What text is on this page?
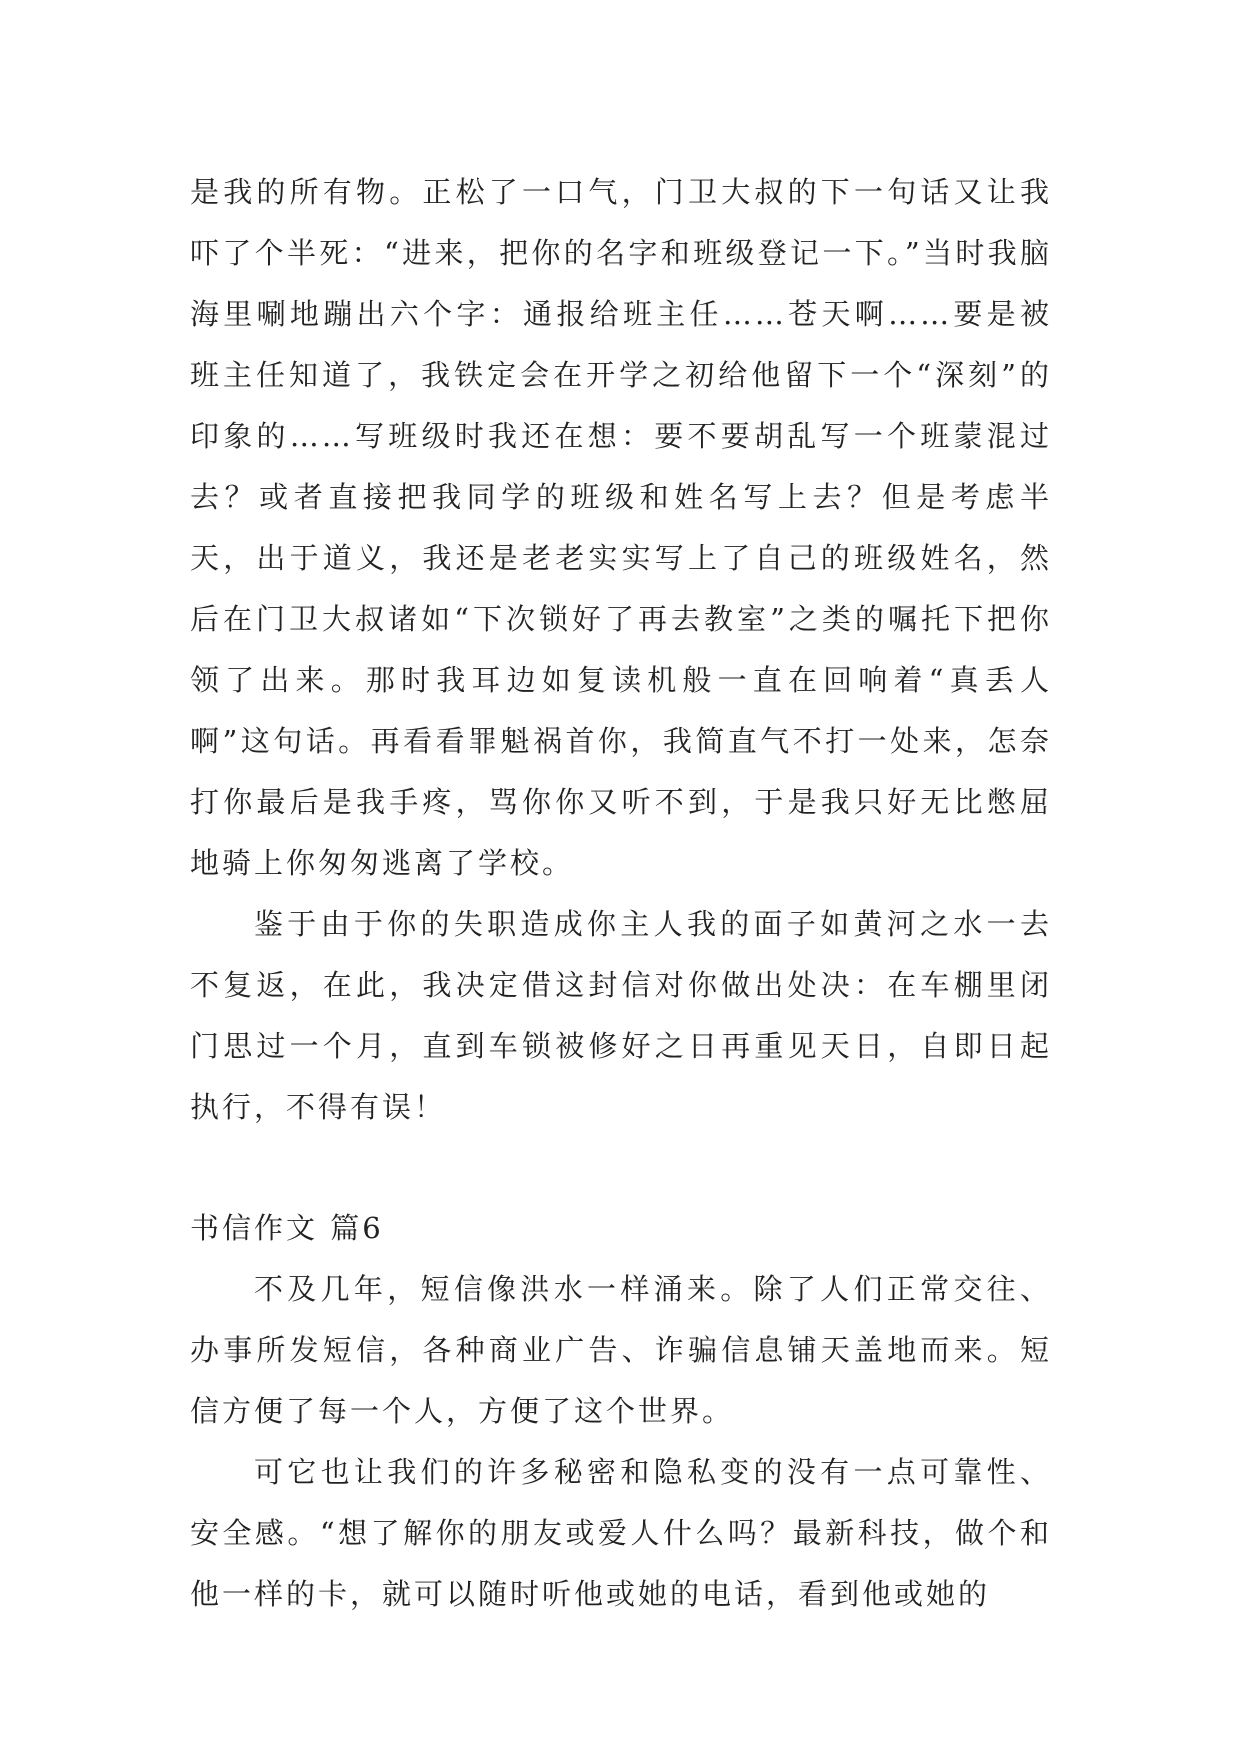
是我的所有物。正松了一口气，门卫大叔的下一句话又让我吓了个半死：“进来，把你的名字和班级登记一下。”当时我脑海里唰地蹦出六个字：通报给班主任……苍天啊……要是被班主任知道了，我铁定会在开学之初给他留下一个“深刻”的印象的……写班级时我还在想：要不要胡乱写一个班蒙混过去？或者直接把我同学的班级和姓名写上去？但是考虑半天，出于道义，我还是老老实实写上了自己的班级姓名，然后在门卫大叔诸如“下次锁好了再去教室”之类的嘱托下把你领了出来。那时我耳边如复读机般一直在回响着“真丢人啊”这句话。再看看罪魁祸首你，我简直气不打一处来，怎奈打你最后是我手疼，骂你你又听不到，于是我只好无比憋屈地骑上你匆匆逃离了学校。

鉴于由于你的失职造成你主人我的面子如黄河之水一去不复返，在此，我决定借这封信对你做出处决：在车棚里闭门思过一个月，直到车锁被修好之日再重见天日，自即日起执行，不得有误！

书信作文 篇6

不及几年，短信像洪水一样涌来。除了人们正常交往、办事所发短信，各种商业广告、诈骗信息铺天盖地而来。短信方便了每一个人，方便了这个世界。

可它也让我们的许多秘密和隐私变的没有一点可靠性、安全感。“想了解你的朋友或爱人什么吗？最新科技，做个和他一样的卡，就可以随时听他或她的电话，看到他或她的
